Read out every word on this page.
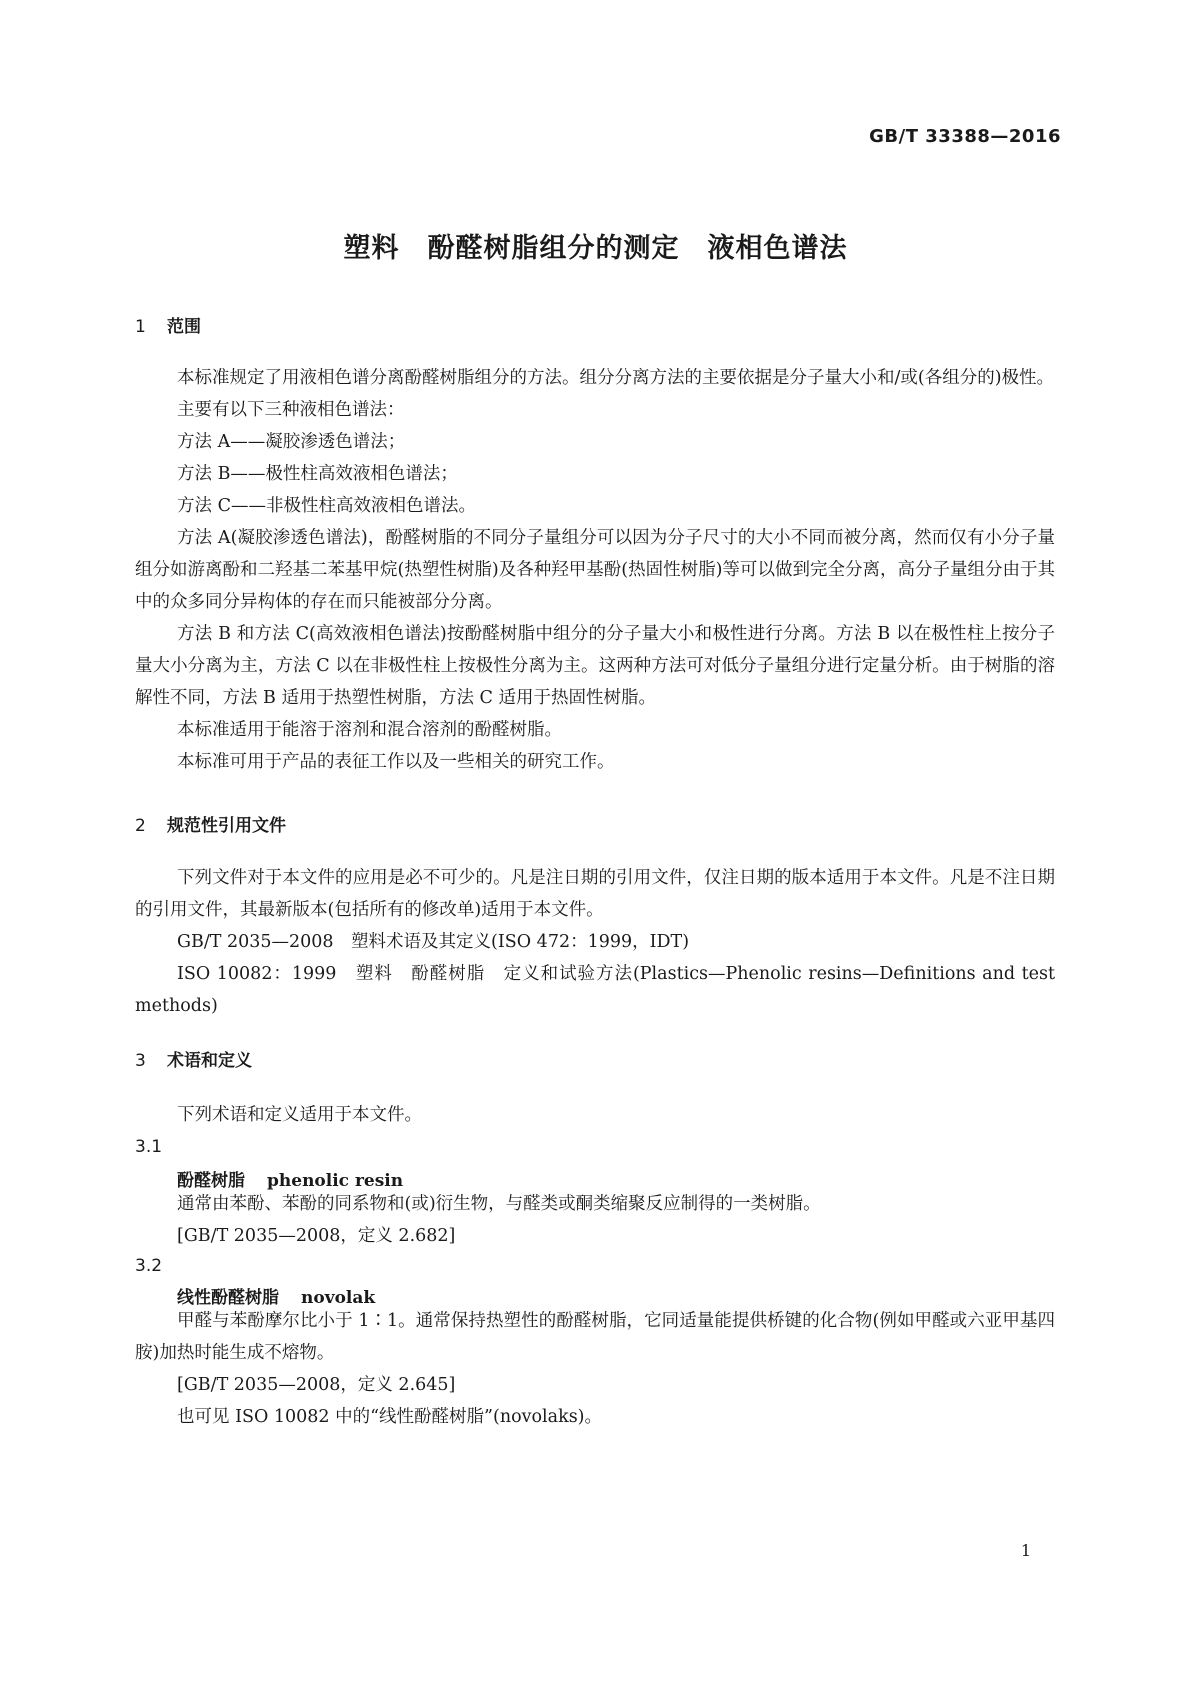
GB/T 33388—2016
塑料　酚醛树脂组分的测定　液相色谱法
1 范围

本标准规定了用液相色谱分离酚醛树脂组分的方法。组分分离方法的主要依据是分子量大小和/或(各组分的)极性。

主要有以下三种液相色谱法：

方法 A——凝胶渗透色谱法；

方法 B——极性柱高效液相色谱法；

方法 C——非极性柱高效液相色谱法。

方法 A(凝胶渗透色谱法)，酚醛树脂的不同分子量组分可以因为分子尺寸的大小不同而被分离，然而仅有小分子量组分如游离酚和二羟基二苯基甲烷(热塑性树脂)及各种羟甲基酚(热固性树脂)等可以做到完全分离，高分子量组分由于其中的众多同分异构体的存在而只能被部分分离。

方法 B 和方法 C(高效液相色谱法)按酚醛树脂中组分的分子量大小和极性进行分离。方法 B 以在极性柱上按分子量大小分离为主，方法 C 以在非极性柱上按极性分离为主。这两种方法可对低分子量组分进行定量分析。由于树脂的溶解性不同，方法 B 适用于热塑性树脂，方法 C 适用于热固性树脂。

本标准适用于能溶于溶剂和混合溶剂的酚醛树脂。

本标准可用于产品的表征工作以及一些相关的研究工作。

2 规范性引用文件

下列文件对于本文件的应用是必不可少的。凡是注日期的引用文件，仅注日期的版本适用于本文件。凡是不注日期的引用文件，其最新版本(包括所有的修改单)适用于本文件。

GB/T 2035—2008　塑料术语及其定义(ISO 472：1999，IDT)

ISO 10082：1999　塑料　酚醛树脂　定义和试验方法(Plastics—Phenolic resins—Definitions and test methods)

3 术语和定义

下列术语和定义适用于本文件。

3.1
酚醛树脂 phenolic resin

通常由苯酚、苯酚的同系物和(或)衍生物，与醛类或酮类缩聚反应制得的一类树脂。

[GB/T 2035—2008，定义 2.682]

3.2
线性酚醛树脂 novolak

甲醛与苯酚摩尔比小于 1∶1。通常保持热塑性的酚醛树脂，它同适量能提供桥键的化合物(例如甲醛或六亚甲基四胺)加热时能生成不熔物。

[GB/T 2035—2008，定义 2.645]

也可见 ISO 10082 中的“线性酚醛树脂”(novolaks)。

1
